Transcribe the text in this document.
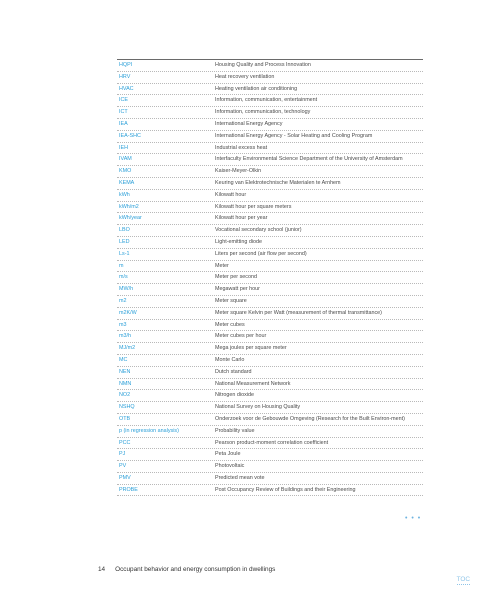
HQPI	Housing Quality and Process Innovation
HRV	Heat recovery ventilation
HVAC	Heating ventilation air conditioning
ICE	Information, communication, entertainment
ICT	Information, communication, technology
IEA	International Energy Agency
IEA-SHC	International Energy Agency - Solar Heating and Cooling Program
IEH	Industrial excess heat
IVAM	Interfaculty Environmental Science Department of the University of Amsterdam
KMO	Kaiser-Meyer-Olkin
KEMA	Keuring van Elektrotechnische Materialen te Arnhem
kWh	Kilowatt hour
kWh/m2	Kilowatt hour per square meters
kWh/year	Kilowatt hour per year
LBO	Vocational secondary school (junior)
LED	Light-emitting diode
Ls-1	Liters per second (air flow per second)
m	Meter
m/s	Meter per second
MW/h	Megawatt per hour
m2	Meter square
m2K/W	Meter square Kelvin per Watt (measurement of thermal transmittance)
m3	Meter cubes
m3/h	Meter cubes per hour
MJ/m2	Mega joules per square meter
MC	Monte Carlo
NEN	Dutch standard
NMN	National Measurement Network
NO2	Nitrogen dioxide
NSHQ	National Survey on Housing Quality
OTB	Onderzoek voor de Gebouwde Omgeving (Research for the Built Environ-ment)
p (in regression analysis)	Probability value
PCC	Pearson product-moment correlation coefficient
PJ	Peta Joule
PV	Photovoltaic
PMV	Predicted mean vote
PROBE	Post Occupancy Review of Buildings and their Engineering
• • •
14 Occupant behavior and energy consumption in dwellings
TOC
